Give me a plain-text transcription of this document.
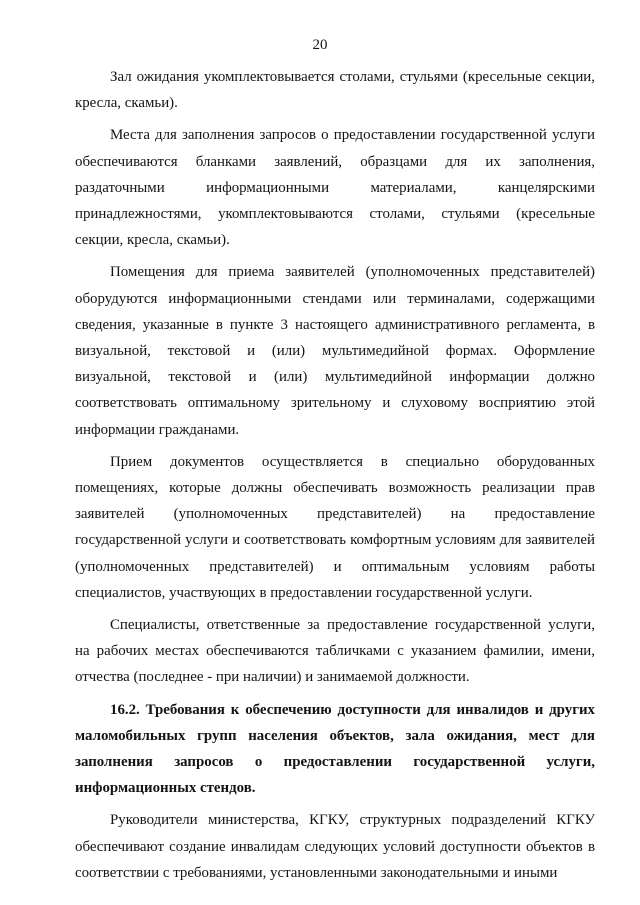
20

Зал ожидания укомплектовывается столами, стульями (кресельные секции, кресла, скамьи).

Места для заполнения запросов о предоставлении государственной услуги обеспечиваются бланками заявлений, образцами для их заполнения, раздаточными информационными материалами, канцелярскими принадлежностями, укомплектовываются столами, стульями (кресельные секции, кресла, скамьи).

Помещения для приема заявителей (уполномоченных представителей) оборудуются информационными стендами или терминалами, содержащими сведения, указанные в пункте 3 настоящего административного регламента, в визуальной, текстовой и (или) мультимедийной формах. Оформление визуальной, текстовой и (или) мультимедийной информации должно соответствовать оптимальному зрительному и слуховому восприятию этой информации гражданами.

Прием документов осуществляется в специально оборудованных помещениях, которые должны обеспечивать возможность реализации прав заявителей (уполномоченных представителей) на предоставление государственной услуги и соответствовать комфортным условиям для заявителей (уполномоченных представителей) и оптимальным условиям работы специалистов, участвующих в предоставлении государственной услуги.

Специалисты, ответственные за предоставление государственной услуги, на рабочих местах обеспечиваются табличками с указанием фамилии, имени, отчества (последнее - при наличии) и занимаемой должности.

16.2. Требования к обеспечению доступности для инвалидов и других маломобильных групп населения объектов, зала ожидания, мест для заполнения запросов о предоставлении государственной услуги, информационных стендов.

Руководители министерства, КГКУ, структурных подразделений КГКУ обеспечивают создание инвалидам следующих условий доступности объектов в соответствии с требованиями, установленными законодательными и иными
